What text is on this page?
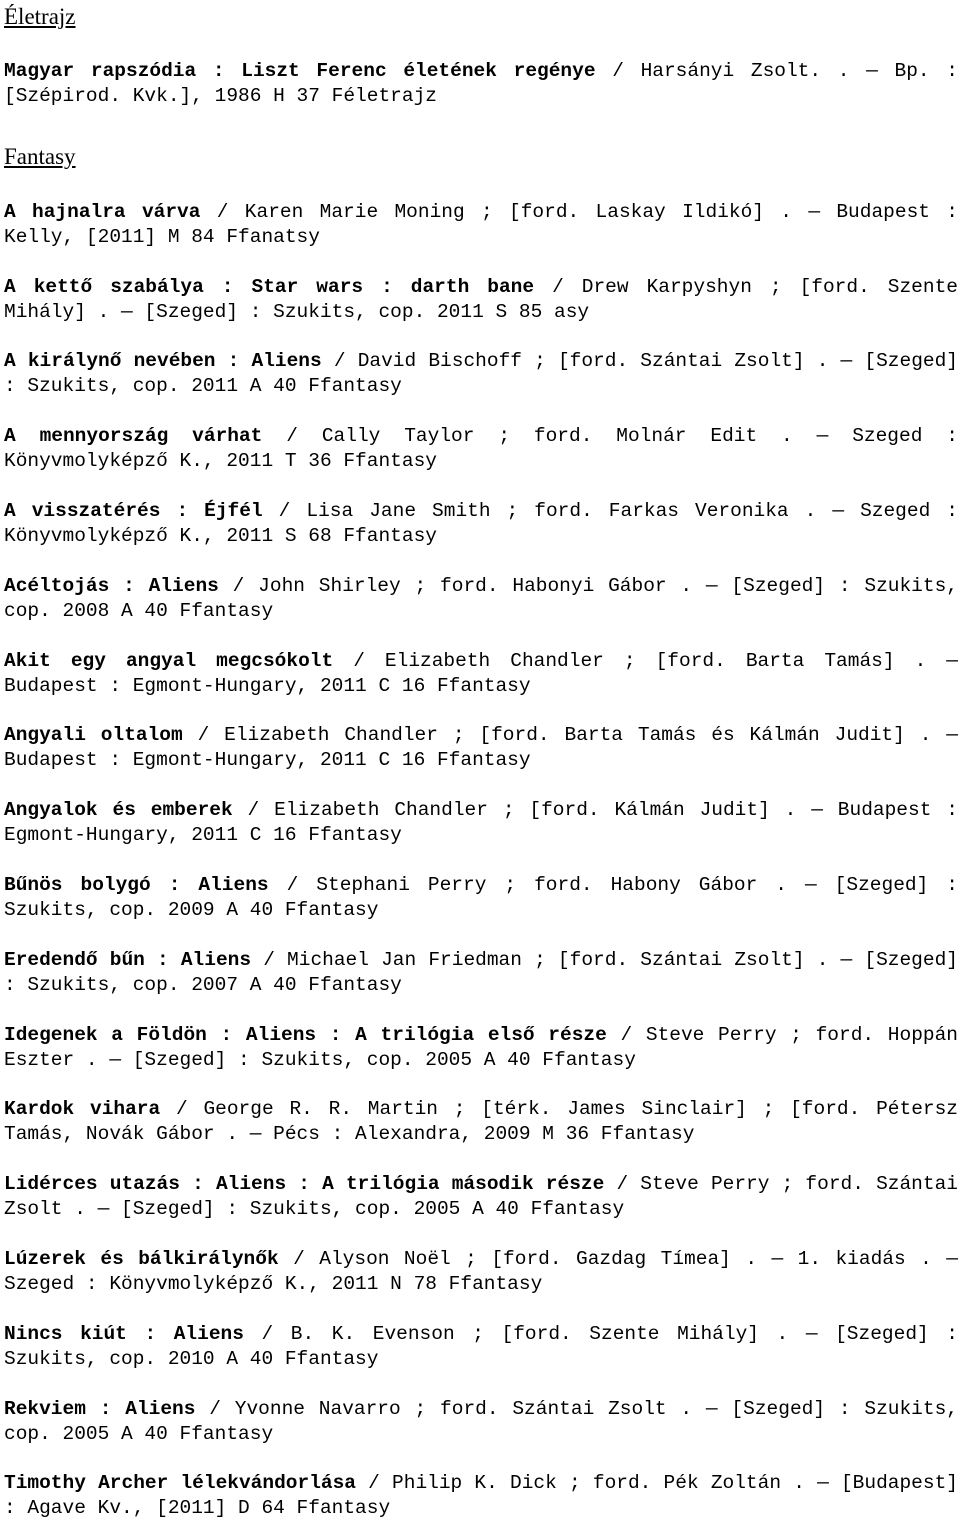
Életrajz

Magyar rapszódia : Liszt Ferenc életének regénye / Harsányi Zsolt. . — Bp. : [Szépirod. Kvk.], 1986 H 37 Féletrajz

Fantasy

A hajnalra várva / Karen Marie Moning ; [ford. Laskay Ildikó] . — Budapest : Kelly, [2011] M 84 Ffanatsy

A kettő szabálya : Star wars : darth bane / Drew Karpyshyn ; [ford. Szente Mihály] . — [Szeged] : Szukits, cop. 2011 S 85 asy

A királynő nevében : Aliens / David Bischoff ; [ford. Szántai Zsolt] . — [Szeged] : Szukits, cop. 2011 A 40 Ffantasy

A mennyország várhat / Cally Taylor ; ford. Molnár Edit . — Szeged : Könyvmolyképző K., 2011 T 36 Ffantasy

A visszatérés : Éjfél / Lisa Jane Smith ; ford. Farkas Veronika . — Szeged : Könyvmolyképző K., 2011 S 68 Ffantasy

Acéltojás : Aliens / John Shirley ; ford. Habonyi Gábor . — [Szeged] : Szukits, cop. 2008 A 40 Ffantasy

Akit egy angyal megcsókolt / Elizabeth Chandler ; [ford. Barta Tamás] . — Budapest : Egmont-Hungary, 2011 C 16 Ffantasy

Angyali oltalom / Elizabeth Chandler ; [ford. Barta Tamás és Kálmán Judit] . — Budapest : Egmont-Hungary, 2011 C 16 Ffantasy

Angyalok és emberek / Elizabeth Chandler ; [ford. Kálmán Judit] . — Budapest : Egmont-Hungary, 2011 C 16 Ffantasy

Bűnös bolygó : Aliens / Stephani Perry ; ford. Habony Gábor . — [Szeged] : Szukits, cop. 2009 A 40 Ffantasy

Eredendő bűn : Aliens / Michael Jan Friedman ; [ford. Szántai Zsolt] . — [Szeged] : Szukits, cop. 2007 A 40 Ffantasy

Idegenek a Földön : Aliens : A trilógia első része / Steve Perry ; ford. Hoppán Eszter . — [Szeged] : Szukits, cop. 2005 A 40 Ffantasy

Kardok vihara / George R. R. Martin ; [térk. James Sinclair] ; [ford. Pétersz Tamás, Novák Gábor . — Pécs : Alexandra, 2009 M 36 Ffantasy

Lidérces utazás : Aliens : A trilógia második része / Steve Perry ; ford. Szántai Zsolt . — [Szeged] : Szukits, cop. 2005 A 40 Ffantasy

Lúzerek és bálkirálynők / Alyson Noël ; [ford. Gazdag Tímea] . — 1. kiadás . — Szeged : Könyvmolyképző K., 2011 N 78 Ffantasy

Nincs kiút : Aliens / B. K. Evenson ; [ford. Szente Mihály] . — [Szeged] : Szukits, cop. 2010 A 40 Ffantasy

Rekviem : Aliens / Yvonne Navarro ; ford. Szántai Zsolt . — [Szeged] : Szukits, cop. 2005 A 40 Ffantasy

Timothy Archer lélekvándorlása / Philip K. Dick ; ford. Pék Zoltán . — [Budapest] : Agave Kv., [2011] D 64 Ffantasy
